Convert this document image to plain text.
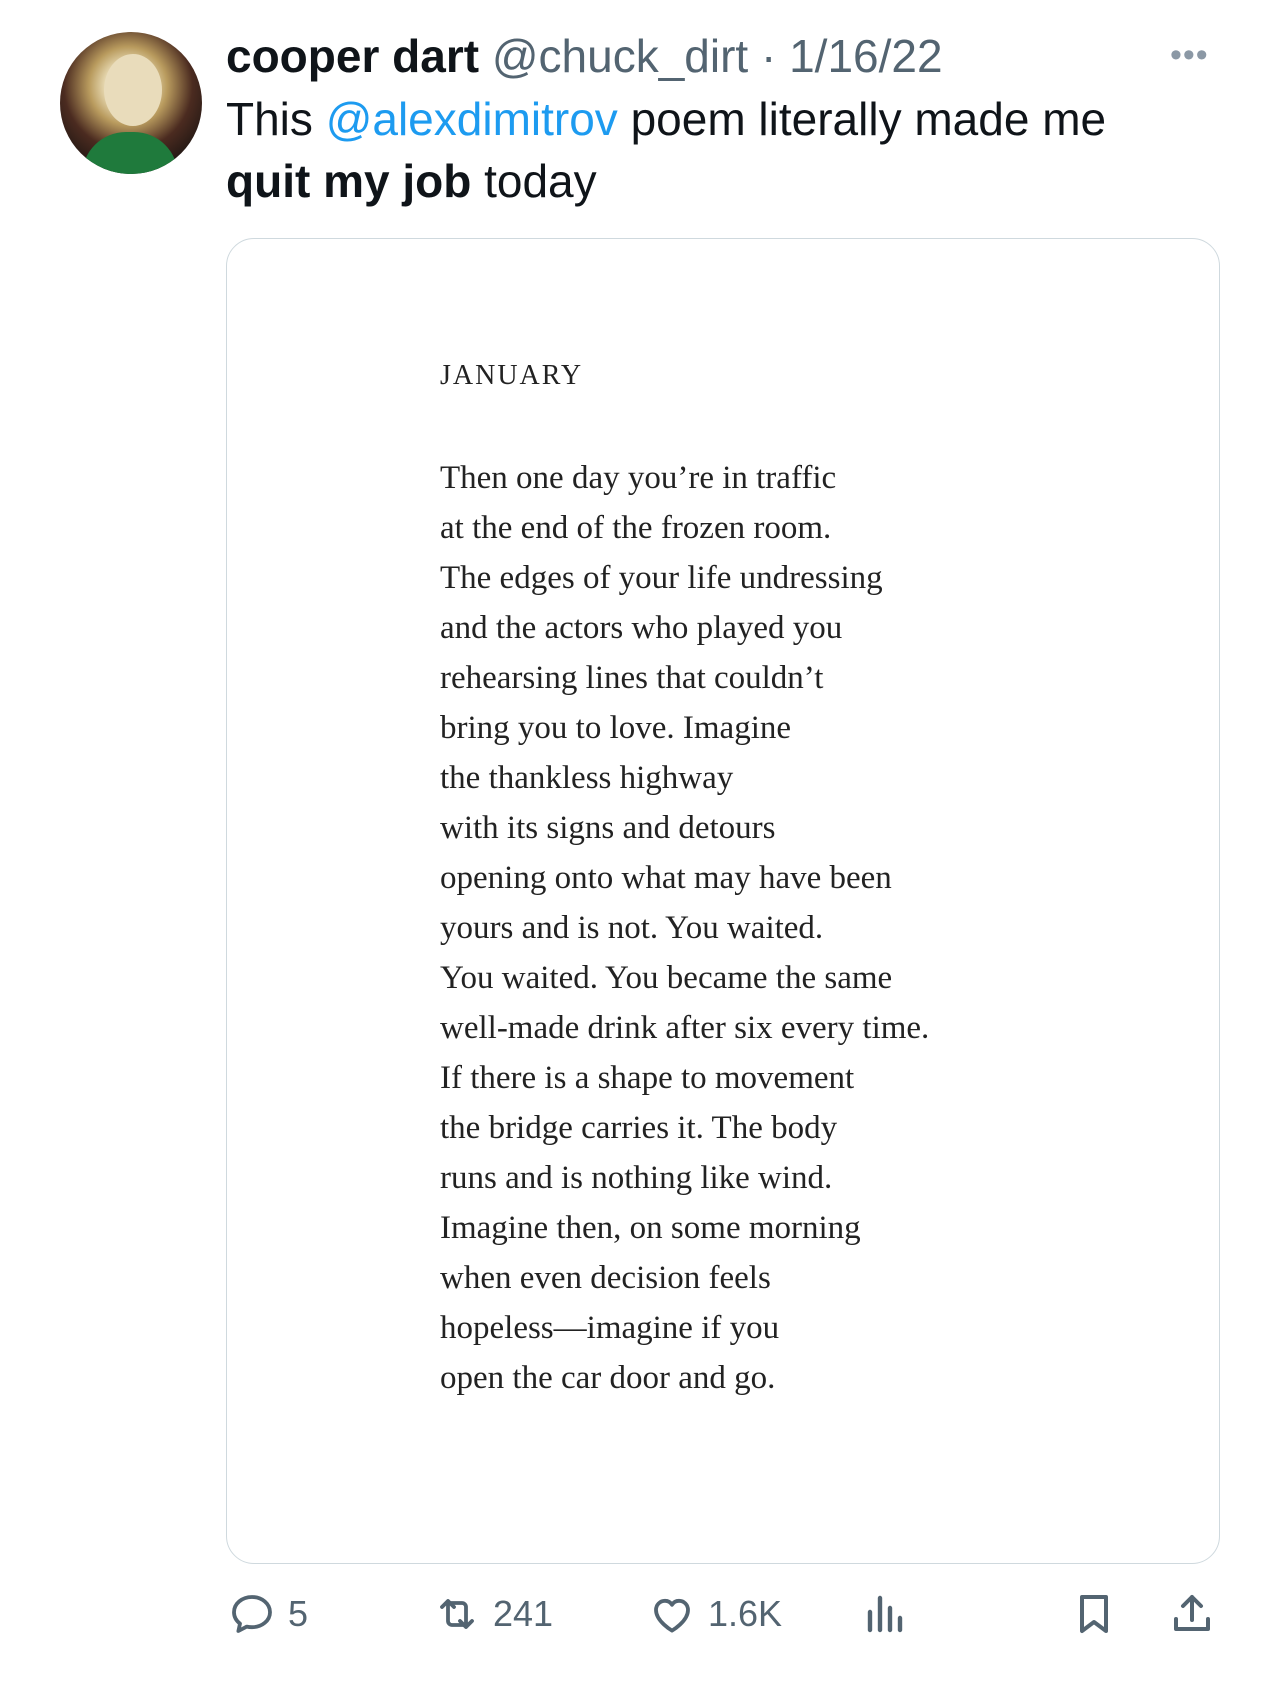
cooper dart @chuck_dirt · 1/16/22	•••
This @alexdimitrov poem literally made me
quit my job today
JANUARY
Then one day you’re in traffic
at the end of the frozen room.
The edges of your life undressing
and the actors who played you
rehearsing lines that couldn’t
bring you to love. Imagine
the thankless highway
with its signs and detours
opening onto what may have been
yours and is not. You waited.
You waited. You became the same
well-made drink after six every time.
If there is a shape to movement
the bridge carries it. The body
runs and is nothing like wind.
Imagine then, on some morning
when even decision feels
hopeless—imagine if you
open the car door and go.
5	241	1.6K
